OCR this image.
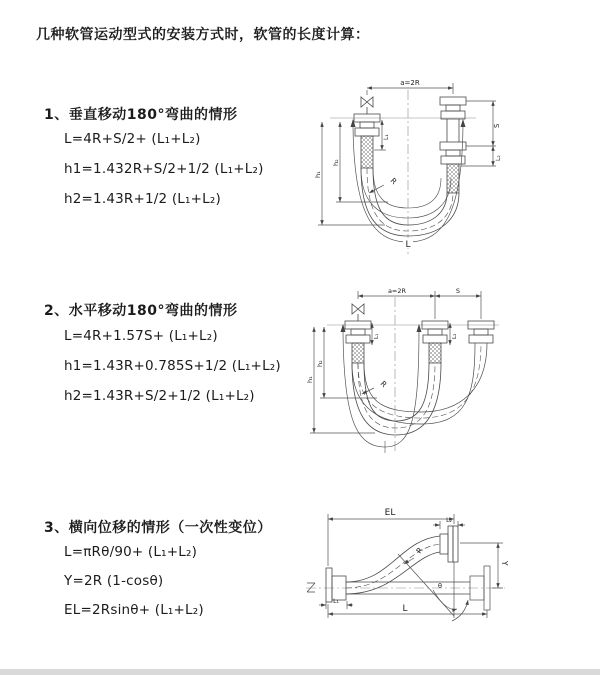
几种软管运动型式的安装方式时，软管的长度计算：
1、垂直移动180°弯曲的情形
L=4R+S/2+ (L₁+L₂)
h1=1.432R+S/2+1/2 (L₁+L₂)
h2=1.43R+1/2 (L₁+L₂)
2、水平移动180°弯曲的情形
L=4R+1.57S+ (L₁+L₂)
h1=1.43R+0.785S+1/2 (L₁+L₂)
h2=1.43R+S/2+1/2 (L₁+L₂)
3、横向位移的情形（一次性变位）
L=πRθ/90+ (L₁+L₂)
Y=2R (1-cosθ)
EL=2Rsinθ+ (L₁+L₂)
a=2R
L
h₁
h₂
S
L₂
L₁
R
a=2R	S
h₁
h₂
L₁	L₂
R
EL
L₂
Y
L
L₁
θ
R
